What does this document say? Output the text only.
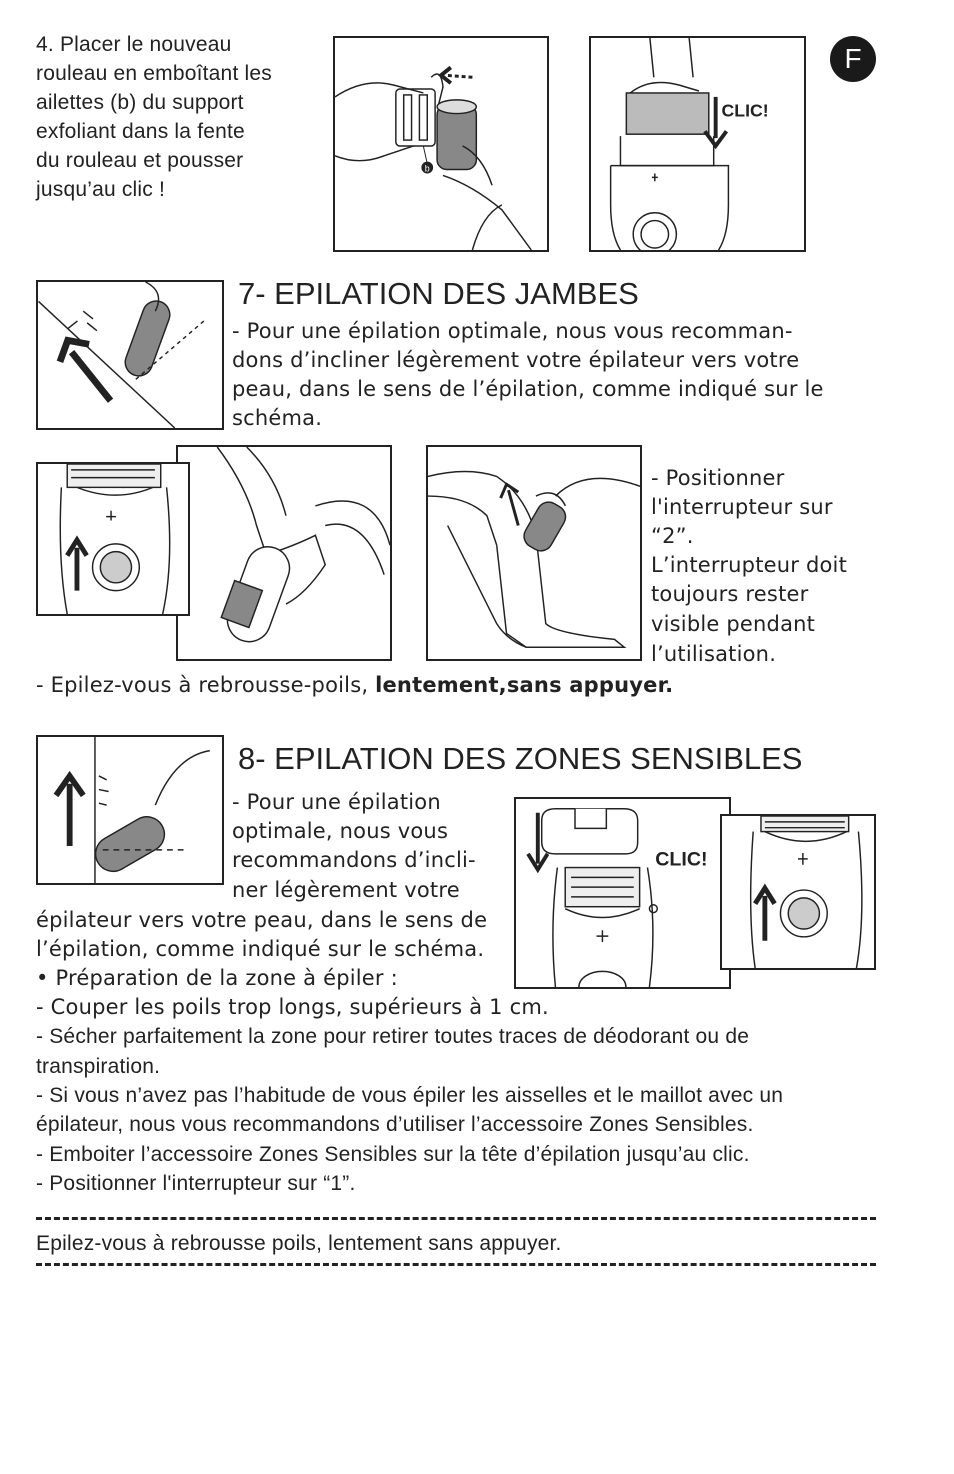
4. Placer le nouveau
rouleau en emboîtant les
ailettes (b) du support
exfoliant dans la fente
du rouleau et pousser
jusqu’au clic !
b
CLIC!
F
7- EPILATION DES JAMBES
- Pour une épilation optimale, nous vous recomman-
dons d’incliner légèrement votre épilateur vers votre
peau, dans le sens de l’épilation, comme indiqué sur le
schéma.
- Positionner
l'interrupteur sur
“2”.
L’interrupteur doit
toujours rester
visible pendant
l’utilisation.
- Epilez-vous à rebrousse-poils, lentement,sans appuyer.
8- EPILATION DES ZONES SENSIBLES
- Pour une épilation
optimale, nous vous
recommandons d’incli-
ner légèrement votre
épilateur vers votre peau, dans le sens de
l’épilation, comme indiqué sur le schéma.
CLIC!
• Préparation de la zone à épiler :
- Couper les poils trop longs, supérieurs à 1 cm.
- Sécher parfaitement la zone pour retirer toutes traces de déodorant ou de
transpiration.
- Si vous n’avez pas l’habitude de vous épiler les aisselles et le maillot avec un
épilateur, nous vous recommandons d’utiliser l’accessoire Zones Sensibles.
- Emboiter l’accessoire Zones Sensibles sur la tête d’épilation jusqu’au clic.
- Positionner l'interrupteur sur “1”.
Epilez-vous à rebrousse poils, lentement sans appuyer.
